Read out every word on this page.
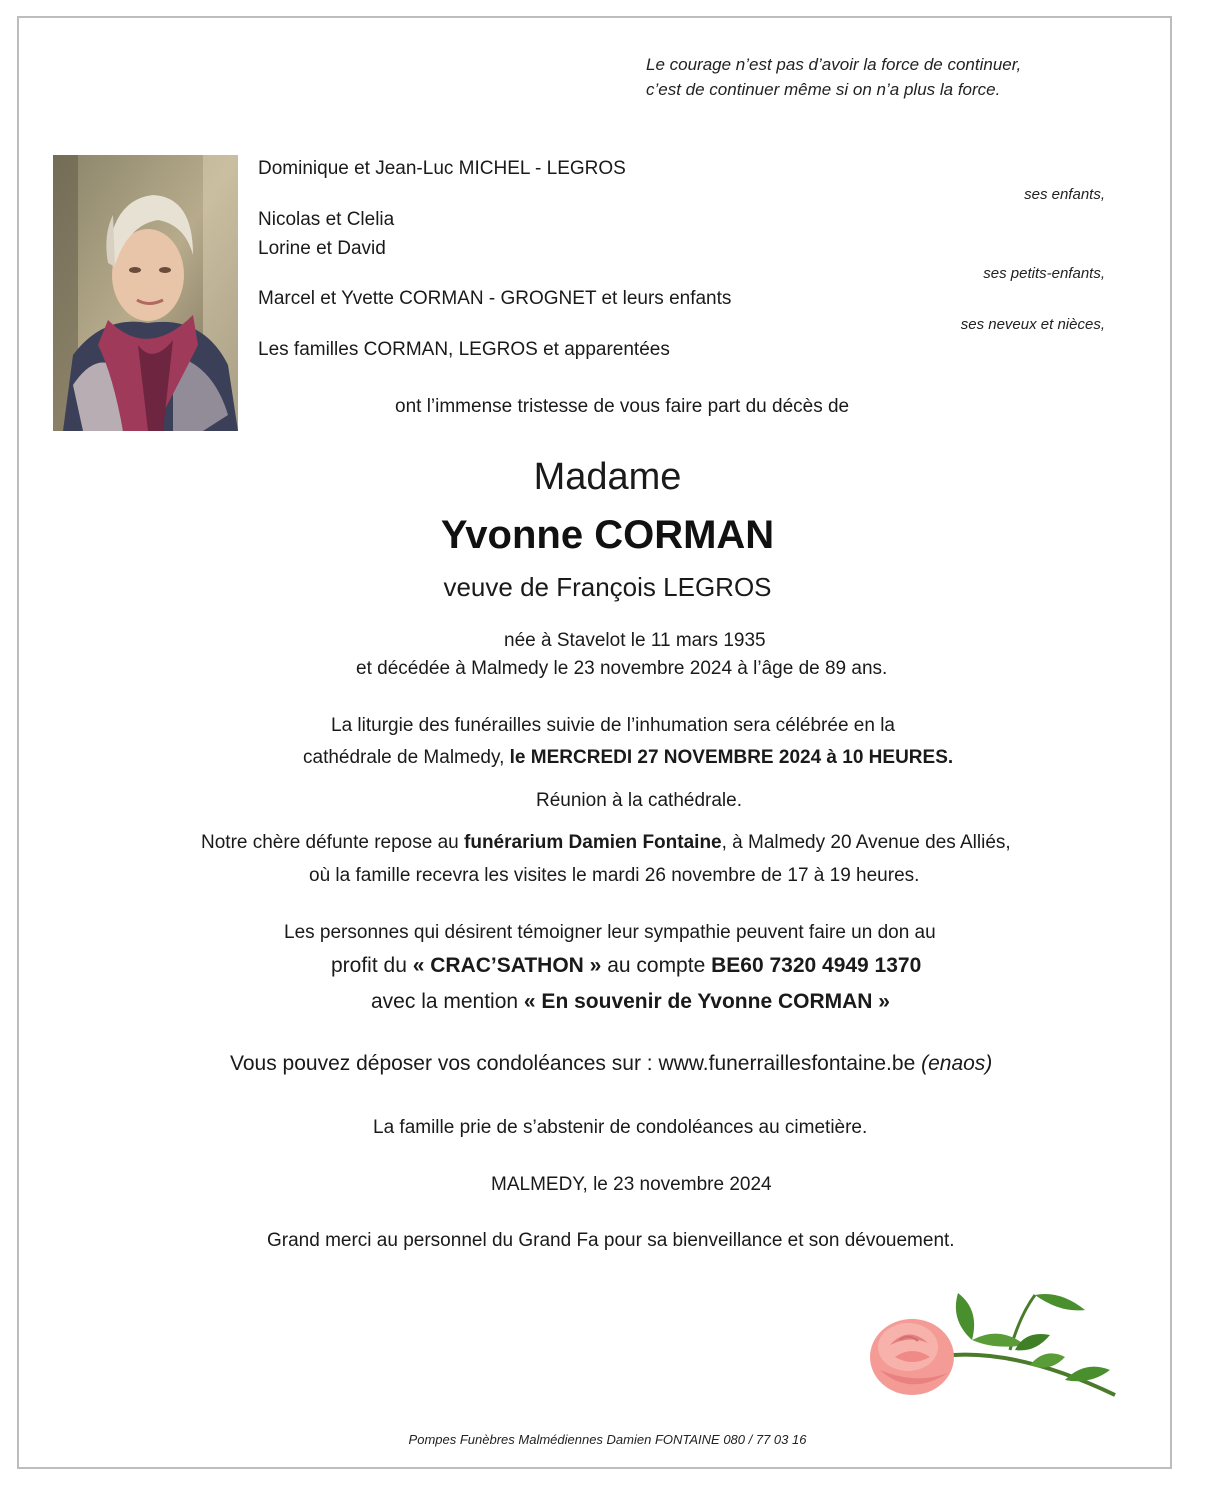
Le courage n’est pas d’avoir la force de continuer,
c’est de continuer même si on n’a plus la force.
Dominique et Jean-Luc MICHEL - LEGROS
ses enfants,
Nicolas et Clelia
Lorine et David
ses petits-enfants,
Marcel et Yvette CORMAN - GROGNET et leurs enfants
ses neveux et nièces,
Les familles CORMAN, LEGROS et apparentées
ont l’immense tristesse de vous faire part du décès de
Madame
Yvonne CORMAN
veuve de François LEGROS
née à Stavelot le 11 mars 1935
et décédée à Malmedy le 23 novembre 2024 à l’âge de 89 ans.
La liturgie des funérailles suivie de l’inhumation sera célébrée en la
cathédrale de Malmedy, le MERCREDI 27 NOVEMBRE 2024 à 10 HEURES.
Réunion à la cathédrale.
Notre chère défunte repose au funérarium Damien Fontaine, à Malmedy 20 Avenue des Alliés,
où la famille recevra les visites le mardi 26 novembre de 17 à 19 heures.
Les personnes qui désirent témoigner leur sympathie peuvent faire un don au
profit du « CRAC’SATHON » au compte BE60 7320 4949 1370
avec la mention « En souvenir de Yvonne CORMAN »
Vous pouvez déposer vos condoléances sur : www.funerraillesfontaine.be (enaos)
La famille prie de s’abstenir de condoléances au cimetière.
MALMEDY, le 23 novembre 2024
Grand merci au personnel du Grand Fa pour sa bienveillance et son dévouement.
Pompes Funèbres Malmédiennes Damien FONTAINE 080 / 77 03 16
